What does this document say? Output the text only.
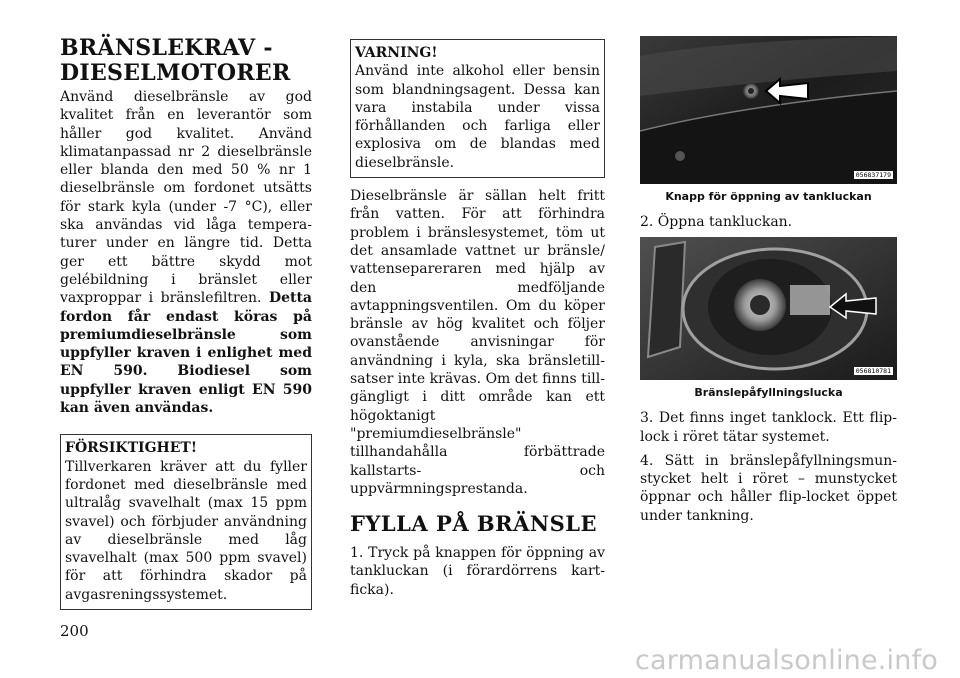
BRÄNSLEKRAV -
DIESELMOTORER

Använd dieselbränsle av god kvalitet från en leverantör som håller god kvalitet. Använd klimatanpassad nr 2 dieselbränsle eller blanda den med 50 % nr 1 dieselbränsle om fordonet utsätts för stark kyla (under -7 °C), eller ska användas vid låga temperaturer under en längre tid. Detta ger ett bättre skydd mot gelébildning i bränslet eller vaxproppar i bränslefiltren. Detta fordon får endast köras på premiumdieselbränsle som uppfyller kraven i enlighet med EN 590. Biodiesel som uppfyller kraven enligt EN 590 kan även användas.

FÖRSIKTIGHET!
Tillverkaren kräver att du fyller fordonet med dieselbränsle med ultralåg svavelhalt (max 15 ppm svavel) och förbjuder användning av dieselbränsle med låg svavelhalt (max 500 ppm svavel) för att förhindra skador på avgasreningssystemet.
VARNING!
Använd inte alkohol eller bensin som blandningsagent. Dessa kan vara instabila under vissa förhållanden och farliga eller explosiva om de blandas med dieselbränsle.

Dieselbränsle är sällan helt fritt från vatten. För att förhindra problem i bränslesystemet, töm ut det ansamlade vattnet ur bränsle/ vattenseparerаren med hjälp av den medföljande avtappningsventilen. Om du köper bränsle av hög kvalitet och följer ovanstående anvisningar för användning i kyla, ska bränsletillsatser inte krävas. Om det finns tillgängligt i ditt område kan ett högoktanigt "premiumdieselbränsle" tillhandahålla förbättrade kallstarts- och uppvärmningsprestanda.

FYLLA PÅ BRÄNSLE

1. Tryck på knappen för öppning av tankluckan (i förardörrens kartficka).

056837179
Knapp för öppning av tankluckan

2. Öppna tankluckan.

056810781
Bränslepåfyllningslucka

3. Det finns inget tanklock. Ett flip-lock i röret tätar systemet.

4. Sätt in bränslepåfyllningsmunstycket helt i röret – munstycket öppnar och håller flip-locket öppet under tankning.

200
carmanualsonline.info
